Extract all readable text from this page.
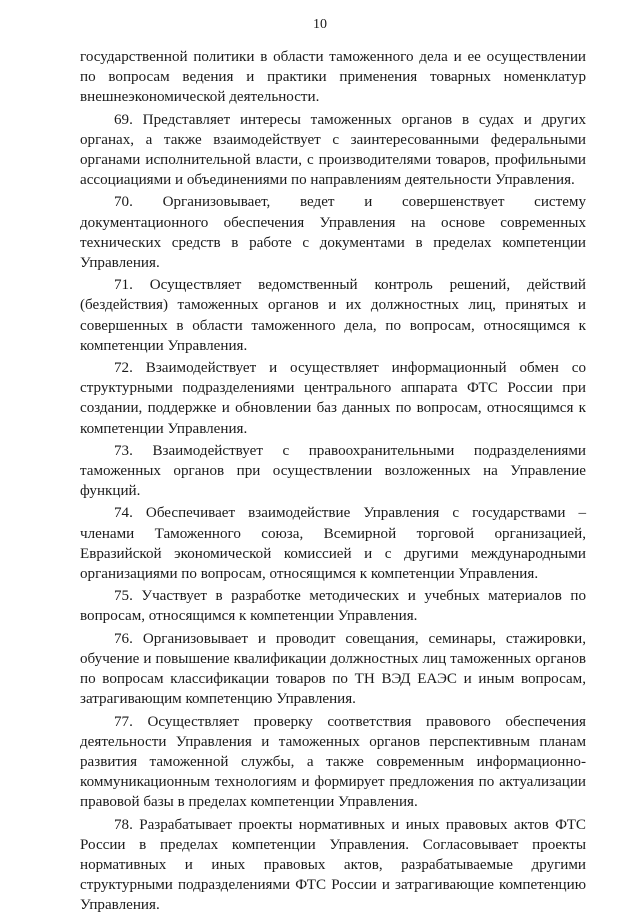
10

государственной политики в области таможенного дела и ее осуществлении по вопросам ведения и практики применения товарных номенклатур внешнеэкономической деятельности.

69. Представляет интересы таможенных органов в судах и других органах, а также взаимодействует с заинтересованными федеральными органами исполнительной власти, с производителями товаров, профильными ассоциациями и объединениями по направлениям деятельности Управления.

70. Организовывает, ведет и совершенствует систему документационного обеспечения Управления на основе современных технических средств в работе с документами в пределах компетенции Управления.

71. Осуществляет ведомственный контроль решений, действий (бездействия) таможенных органов и их должностных лиц, принятых и совершенных в области таможенного дела, по вопросам, относящимся к компетенции Управления.

72. Взаимодействует и осуществляет информационный обмен со структурными подразделениями центрального аппарата ФТС России при создании, поддержке и обновлении баз данных по вопросам, относящимся к компетенции Управления.

73. Взаимодействует с правоохранительными подразделениями таможенных органов при осуществлении возложенных на Управление функций.

74. Обеспечивает взаимодействие Управления с государствами – членами Таможенного союза, Всемирной торговой организацией, Евразийской экономической комиссией и с другими международными организациями по вопросам, относящимся к компетенции Управления.

75. Участвует в разработке методических и учебных материалов по вопросам, относящимся к компетенции Управления.

76. Организовывает и проводит совещания, семинары, стажировки, обучение и повышение квалификации должностных лиц таможенных органов по вопросам классификации товаров по ТН ВЭД ЕАЭС и иным вопросам, затрагивающим компетенцию Управления.

77. Осуществляет проверку соответствия правового обеспечения деятельности Управления и таможенных органов перспективным планам развития таможенной службы, а также современным информационно-коммуникационным технологиям и формирует предложения по актуализации правовой базы в пределах компетенции Управления.

78. Разрабатывает проекты нормативных и иных правовых актов ФТС России в пределах компетенции Управления. Согласовывает проекты нормативных и иных правовых актов, разрабатываемые другими структурными подразделениями ФТС России и затрагивающие компетенцию Управления.
